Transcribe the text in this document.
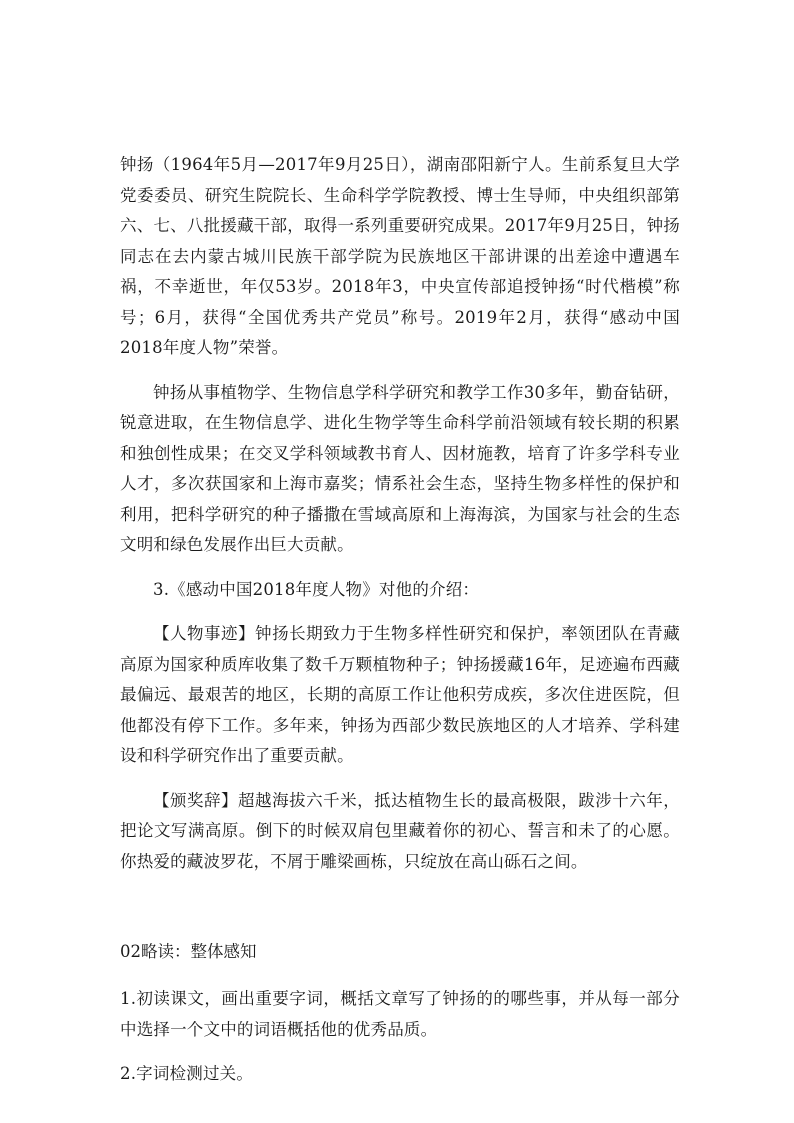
钟扬（1964年5月—2017年9月25日），湖南邵阳新宁人。生前系复旦大学党委委员、研究生院院长、生命科学学院教授、博士生导师，中央组织部第六、七、八批援藏干部，取得一系列重要研究成果。2017年9月25日，钟扬同志在去内蒙古城川民族干部学院为民族地区干部讲课的出差途中遭遇车祸，不幸逝世，年仅53岁。2018年3，中央宣传部追授钟扬“时代楷模”称号；6月，获得“全国优秀共产党员”称号。2019年2月，获得“感动中国2018年度人物”荣誉。

钟扬从事植物学、生物信息学科学研究和教学工作30多年，勤奋钻研，锐意进取，在生物信息学、进化生物学等生命科学前沿领域有较长期的积累和独创性成果；在交叉学科领域教书育人、因材施教，培育了许多学科专业人才，多次获国家和上海市嘉奖；情系社会生态，坚持生物多样性的保护和利用，把科学研究的种子播撒在雪域高原和上海海滨，为国家与社会的生态文明和绿色发展作出巨大贡献。

3.《感动中国2018年度人物》对他的介绍：

【人物事迹】钟扬长期致力于生物多样性研究和保护，率领团队在青藏高原为国家种质库收集了数千万颗植物种子；钟扬援藏16年，足迹遍布西藏最偏远、最艰苦的地区，长期的高原工作让他积劳成疾，多次住进医院，但他都没有停下工作。多年来，钟扬为西部少数民族地区的人才培养、学科建设和科学研究作出了重要贡献。

【颁奖辞】超越海拔六千米，抵达植物生长的最高极限，跋涉十六年，把论文写满高原。倒下的时候双肩包里藏着你的初心、誓言和未了的心愿。你热爱的藏波罗花，不屑于雕梁画栋，只绽放在高山砾石之间。

02略读：整体感知

1.初读课文，画出重要字词，概括文章写了钟扬的的哪些事，并从每一部分中选择一个文中的词语概括他的优秀品质。

2.字词检测过关。
